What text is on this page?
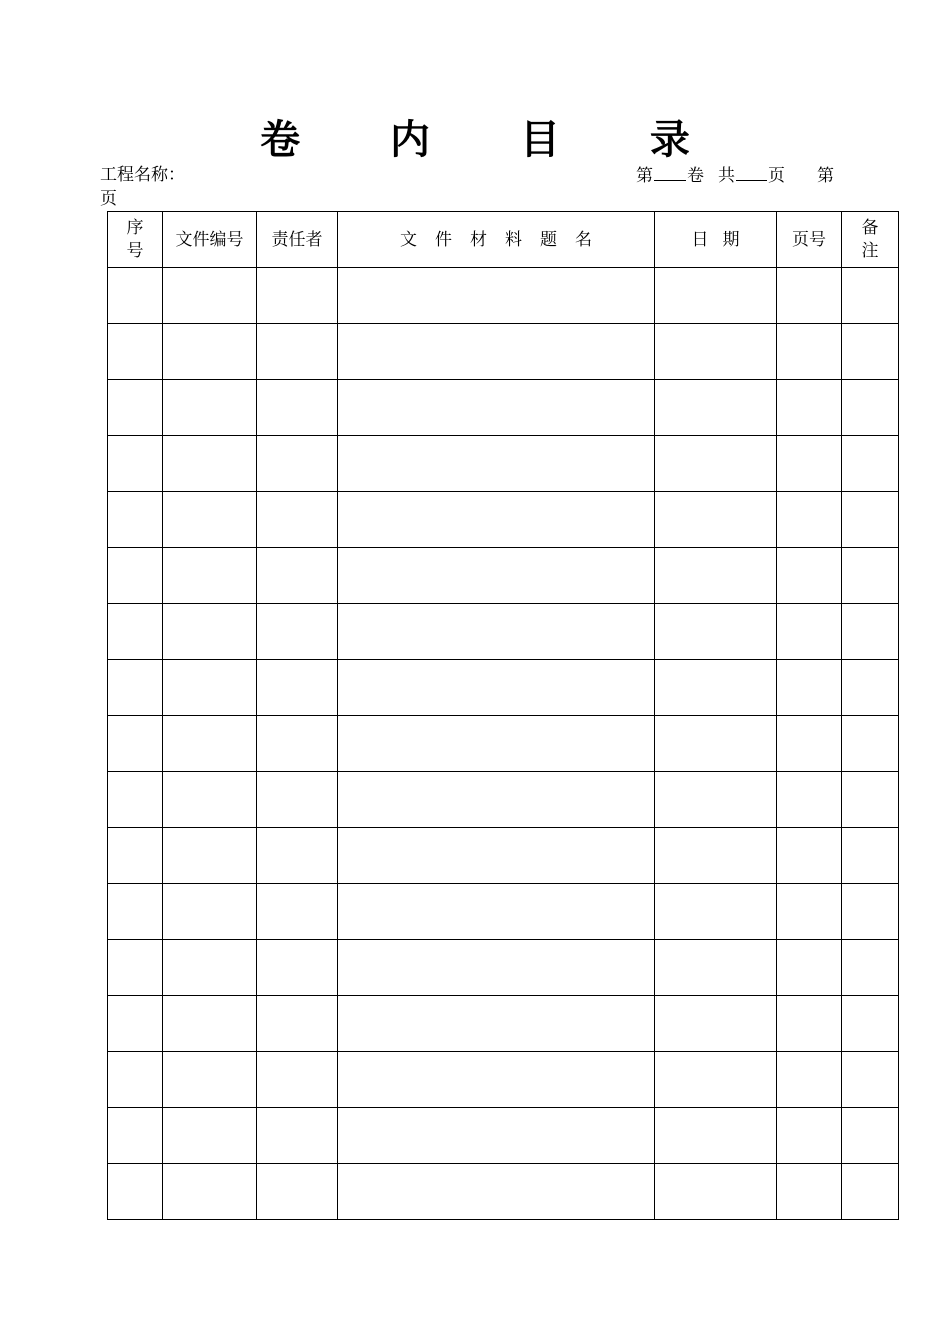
卷 内 目 录
工程名称：	第 卷 共 页 第
页
序
号	文件编号	责任者	文件材料题名	日期	页号	备
注
